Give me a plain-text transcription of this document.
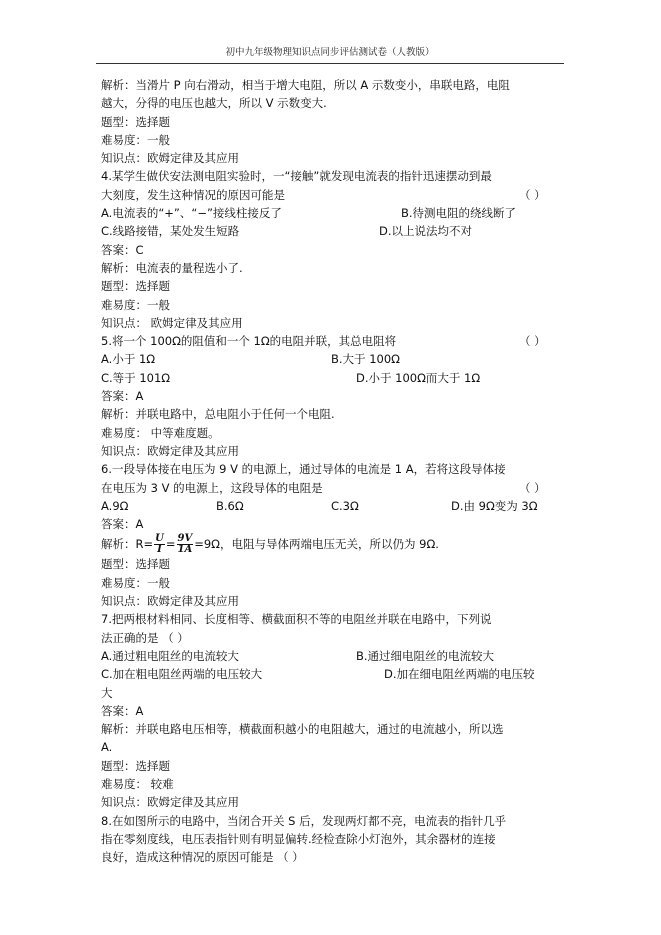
初中九年级物理知识点同步评估测试卷（人教版）
解析：当滑片 P 向右滑动，相当于增大电阻，所以 A 示数变小，串联电路，电阻
越大，分得的电压也越大，所以 V 示数变大.
题型：选择题
难易度：一般
知识点：欧姆定律及其应用
4.某学生做伏安法测电阻实验时，一“接触”就发现电流表的指针迅速摆动到最
大刻度，发生这种情况的原因可能是	（ ）
A.电流表的“+”、“−”接线柱接反了	B.待测电阻的绕线断了
C.线路接错，某处发生短路	D.以上说法均不对
答案：C
解析：电流表的量程选小了.
题型：选择题
难易度：一般
知识点： 欧姆定律及其应用
5.将一个 100Ω的阻值和一个 1Ω的电阻并联，其总电阻将	（ ）
A.小于 1Ω	B.大于 100Ω
C.等于 101Ω	D.小于 100Ω而大于 1Ω
答案：A
解析：并联电路中，总电阻小于任何一个电阻.
难易度： 中等难度题。
知识点：欧姆定律及其应用
6.一段导体接在电压为 9 V 的电源上，通过导体的电流是 1 A，若将这段导体接
在电压为 3 V 的电源上，这段导体的电阻是	（ ）
A.9Ω	B.6Ω	C.3Ω	D.由 9Ω变为 3Ω
答案：A
解析：$R= \frac{U}{I} = \frac{9V}{1A} =9\Omega$，电阻与导体两端电压无关，所以仍为 9Ω.
题型：选择题
难易度：一般
知识点：欧姆定律及其应用
7.把两根材料相同、长度相等、横截面积不等的电阻丝并联在电路中，下列说
法正确的是 （ ）
A.通过粗电阻丝的电流较大	B.通过细电阻丝的电流较大
C.加在粗电阻丝两端的电压较大	D.加在细电阻丝两端的电压较
大
答案：A
解析：并联电路电压相等，横截面积越小的电阻越大，通过的电流越小，所以选
A.
题型：选择题
难易度： 较难
知识点：欧姆定律及其应用
8.在如图所示的电路中，当闭合开关 S 后，发现两灯都不亮，电流表的指针几乎
指在零刻度线，电压表指针则有明显偏转.经检查除小灯泡外，其余器材的连接
良好，造成这种情况的原因可能是 （ ）
